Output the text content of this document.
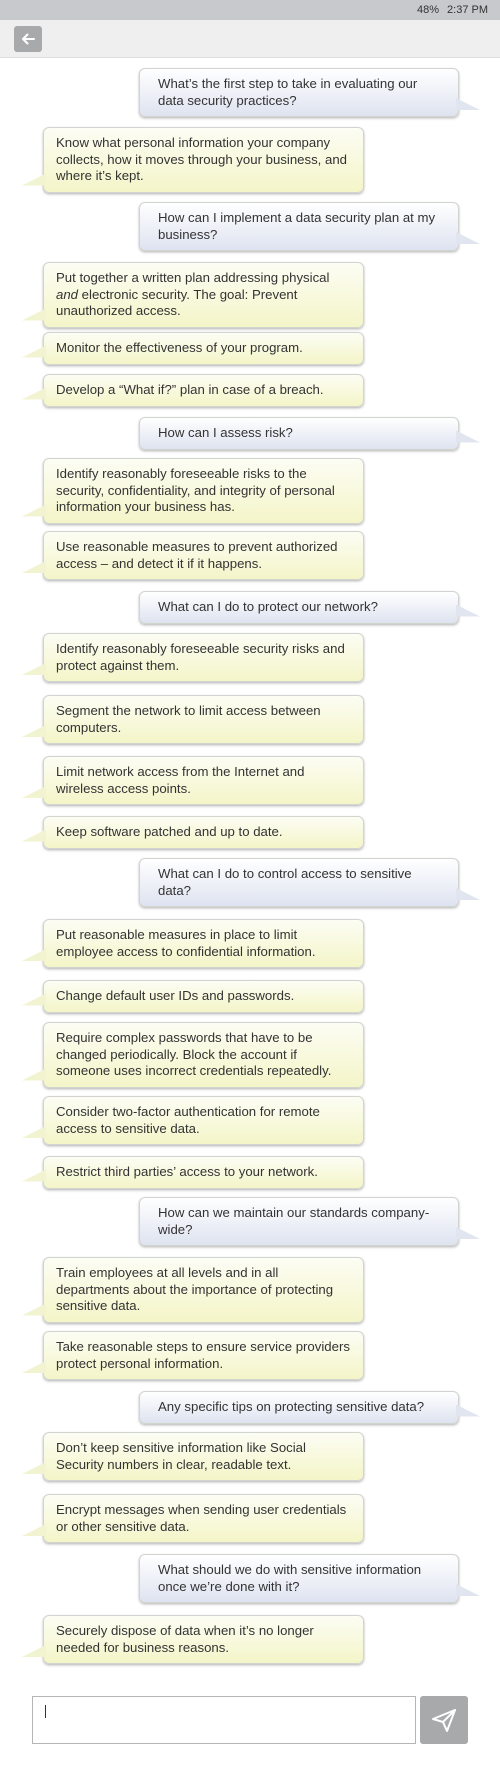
48% 2:37 PM
What’s the first step to take in evaluating our data security practices?
Know what personal information your company collects, how it moves through your business, and where it’s kept.
How can I implement a data security plan at my business?
Put together a written plan addressing physical and electronic security. The goal: Prevent unauthorized access.
Monitor the effectiveness of your program.
Develop a “What if?” plan in case of a breach.
How can I assess risk?
Identify reasonably foreseeable risks to the security, confidentiality, and integrity of personal information your business has.
Use reasonable measures to prevent authorized access – and detect it if it happens.
What can I do to protect our network?
Identify reasonably foreseeable security risks and protect against them.
Segment the network to limit access between computers.
Limit network access from the Internet and wireless access points.
Keep software patched and up to date.
What can I do to control access to sensitive data?
Put reasonable measures in place to limit employee access to confidential information.
Change default user IDs and passwords.
Require complex passwords that have to be changed periodically. Block the account if someone uses incorrect credentials repeatedly.
Consider two-factor authentication for remote access to sensitive data.
Restrict third parties’ access to your network.
How can we maintain our standards company-wide?
Train employees at all levels and in all departments about the importance of protecting sensitive data.
Take reasonable steps to ensure service providers protect personal information.
Any specific tips on protecting sensitive data?
Don’t keep sensitive information like Social Security numbers in clear, readable text.
Encrypt messages when sending user credentials or other sensitive data.
What should we do with sensitive information once we’re done with it?
Securely dispose of data when it’s no longer needed for business reasons.
